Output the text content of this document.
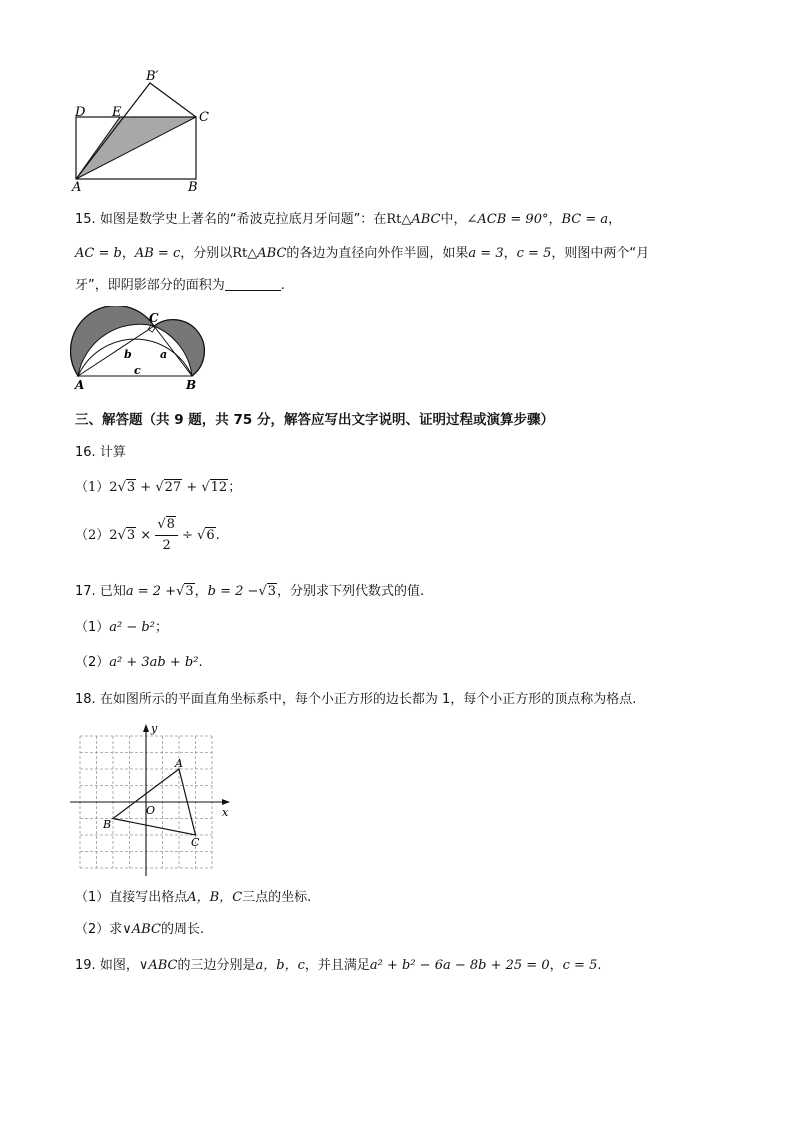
B′
D E	C
A	B
15. 如图是数学史上著名的“希波克拉底月牙问题”：在Rt△ABC中，∠ACB = 90°，BC = a，
AC = b，AB = c，分别以Rt△ABC的各边为直径向外作半圆，如果a = 3，c = 5，则图中两个“月
牙”，即阴影部分的面积为	.
C
A	B
b	a
c
三、解答题（共 9 题，共 75 分，解答应写出文字说明、证明过程或演算步骤）
16. 计算
（1）2√3 + √27 + √12；
$(2)2√3 \times \frac{√8}{2} \div √6$.
17. 已知a = 2 +√3，b = 2 −√3，分别求下列代数式的值.
（1）a² − b²；
（2）a² + 3ab + b².
18. 在如图所示的平面直角坐标系中，每个小正方形的边长都为 1，每个小正方形的顶点称为格点.
y
x
O
A
B
C
（1）直接写出格点A，B，C三点的坐标.
（2）求∨ABC的周长.
19. 如图，∨ABC的三边分别是a，b，c，并且满足a² + b² − 6a − 8b + 25 = 0，c = 5.
